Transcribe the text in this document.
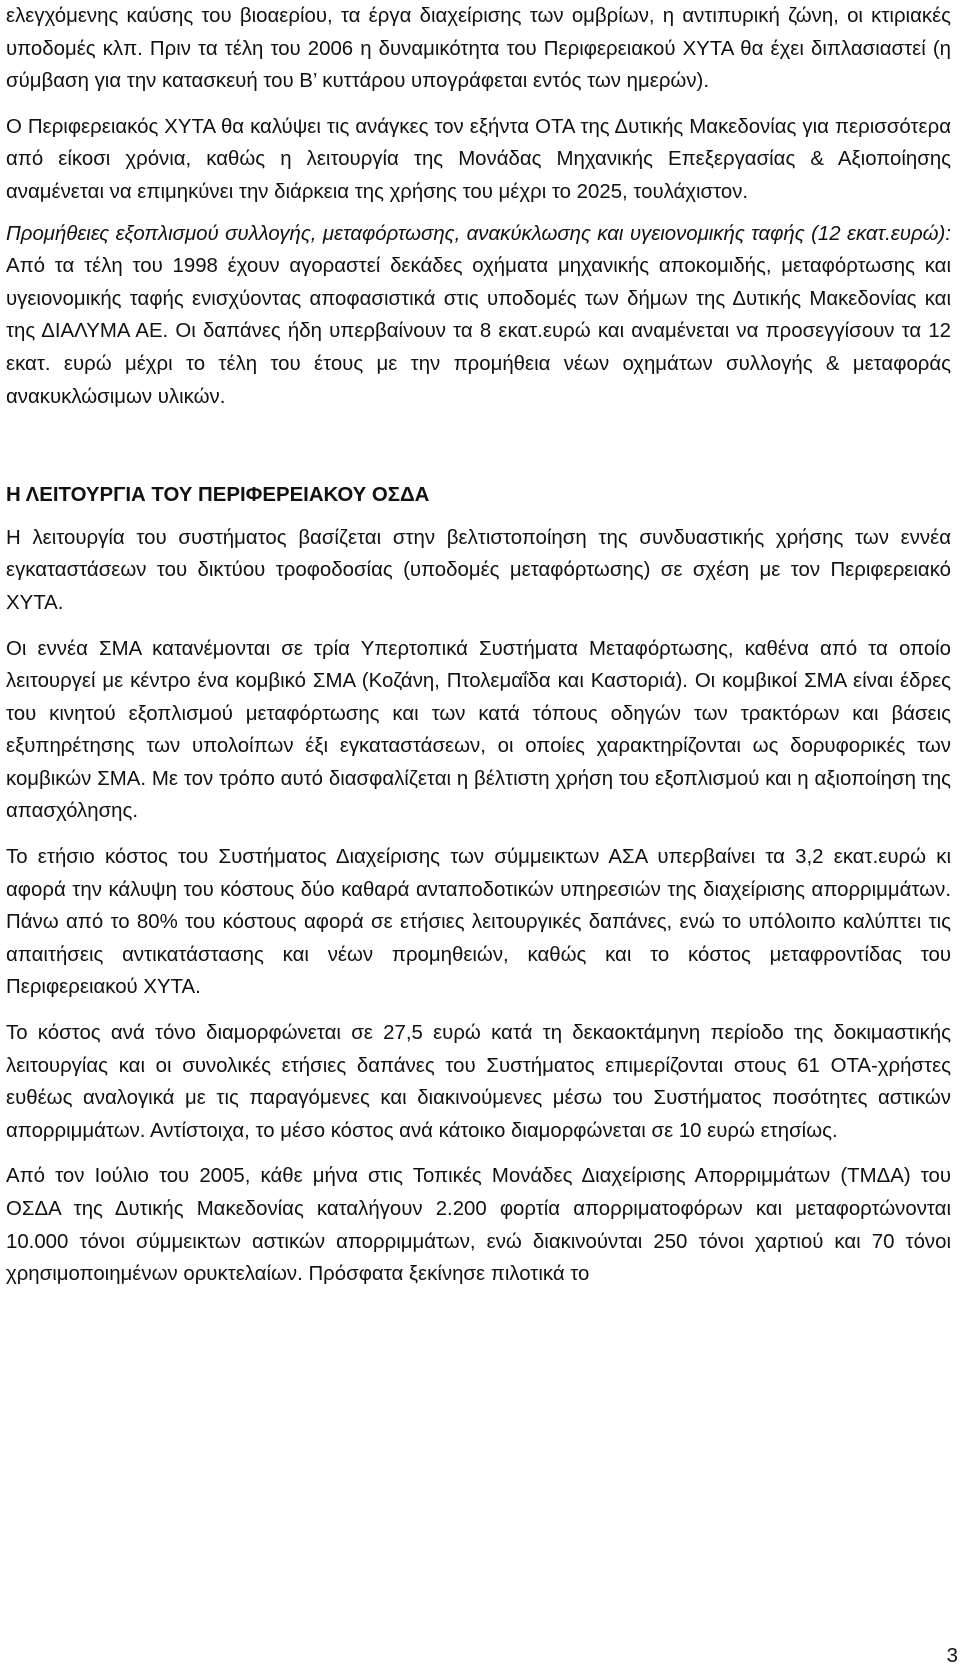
ελεγχόμενης καύσης του βιοαερίου, τα έργα διαχείρισης των ομβρίων, η αντιπυρική ζώνη, οι κτιριακές υποδομές κλπ. Πριν τα τέλη του 2006 η δυναμικότητα του Περιφερειακού ΧΥΤΑ θα έχει διπλασιαστεί (η σύμβαση για την κατασκευή του Β’ κυττάρου υπογράφεται εντός των ημερών).

Ο Περιφερειακός ΧΥΤΑ θα καλύψει τις ανάγκες τον εξήντα ΟΤΑ της Δυτικής Μακεδονίας για περισσότερα από είκοσι χρόνια, καθώς η λειτουργία της Μονάδας Μηχανικής Επεξεργασίας & Αξιοποίησης αναμένεται να επιμηκύνει την διάρκεια της χρήσης του μέχρι το 2025, τουλάχιστον.

Προμήθειες εξοπλισμού συλλογής, μεταφόρτωσης, ανακύκλωσης και υγειονομικής ταφής (12 εκατ.ευρώ): Από τα τέλη του 1998 έχουν αγοραστεί δεκάδες οχήματα μηχανικής αποκομιδής, μεταφόρτωσης και υγειονομικής ταφής ενισχύοντας αποφασιστικά στις υποδομές των δήμων της Δυτικής Μακεδονίας και της ΔΙΑΛΥΜΑ ΑΕ. Οι δαπάνες ήδη υπερβαίνουν τα 8 εκατ.ευρώ και αναμένεται να προσεγγίσουν τα 12 εκατ. ευρώ μέχρι το τέλη του έτους με την προμήθεια νέων οχημάτων συλλογής & μεταφοράς ανακυκλώσιμων υλικών.

Η ΛΕΙΤΟΥΡΓΙΑ ΤΟΥ ΠΕΡΙΦΕΡΕΙΑΚΟΥ ΟΣΔΑ

Η λειτουργία του συστήματος βασίζεται στην βελτιστοποίηση της συνδυαστικής χρήσης των εννέα εγκαταστάσεων του δικτύου τροφοδοσίας (υποδομές μεταφόρτωσης) σε σχέση με τον Περιφερειακό ΧΥΤΑ.

Οι εννέα ΣΜΑ κατανέμονται σε τρία Υπερτοπικά Συστήματα Μεταφόρτωσης, καθένα από τα οποίο λειτουργεί με κέντρο ένα κομβικό ΣΜΑ (Κοζάνη, Πτολεμαΐδα και Καστοριά). Οι κομβικοί ΣΜΑ είναι έδρες του κινητού εξοπλισμού μεταφόρτωσης και των κατά τόπους οδηγών των τρακτόρων και βάσεις εξυπηρέτησης των υπολοίπων έξι εγκαταστάσεων, οι οποίες χαρακτηρίζονται ως δορυφορικές των κομβικών ΣΜΑ. Με τον τρόπο αυτό διασφαλίζεται η βέλτιστη χρήση του εξοπλισμού και η αξιοποίηση της απασχόλησης.

Το ετήσιο κόστος του Συστήματος Διαχείρισης των σύμμεικτων ΑΣΑ υπερβαίνει τα 3,2 εκατ.ευρώ κι αφορά την κάλυψη του κόστους δύο καθαρά ανταποδοτικών υπηρεσιών της διαχείρισης απορριμμάτων. Πάνω από το 80% του κόστους αφορά σε ετήσιες λειτουργικές δαπάνες, ενώ το υπόλοιπο καλύπτει τις απαιτήσεις αντικατάστασης και νέων προμηθειών, καθώς και το κόστος μεταφροντίδας του Περιφερειακού ΧΥΤΑ.

Το κόστος ανά τόνο διαμορφώνεται σε 27,5 ευρώ κατά τη δεκαοκτάμηνη περίοδο της δοκιμαστικής λειτουργίας και οι συνολικές ετήσιες δαπάνες του Συστήματος επιμερίζονται στους 61 ΟΤΑ-χρήστες ευθέως αναλογικά με τις παραγόμενες και διακινούμενες μέσω του Συστήματος ποσότητες αστικών απορριμμάτων. Αντίστοιχα, το μέσο κόστος ανά κάτοικο διαμορφώνεται σε 10 ευρώ ετησίως.

Από τον Ιούλιο του 2005, κάθε μήνα στις Τοπικές Μονάδες Διαχείρισης Απορριμμάτων (ΤΜΔΑ) του ΟΣΔΑ της Δυτικής Μακεδονίας καταλήγουν 2.200 φορτία απορριματοφόρων και μεταφορτώνονται 10.000 τόνοι σύμμεικτων αστικών απορριμμάτων, ενώ διακινούνται 250 τόνοι χαρτιού και 70 τόνοι χρησιμοποιημένων ορυκτελαίων. Πρόσφατα ξεκίνησε πιλοτικά το

3
